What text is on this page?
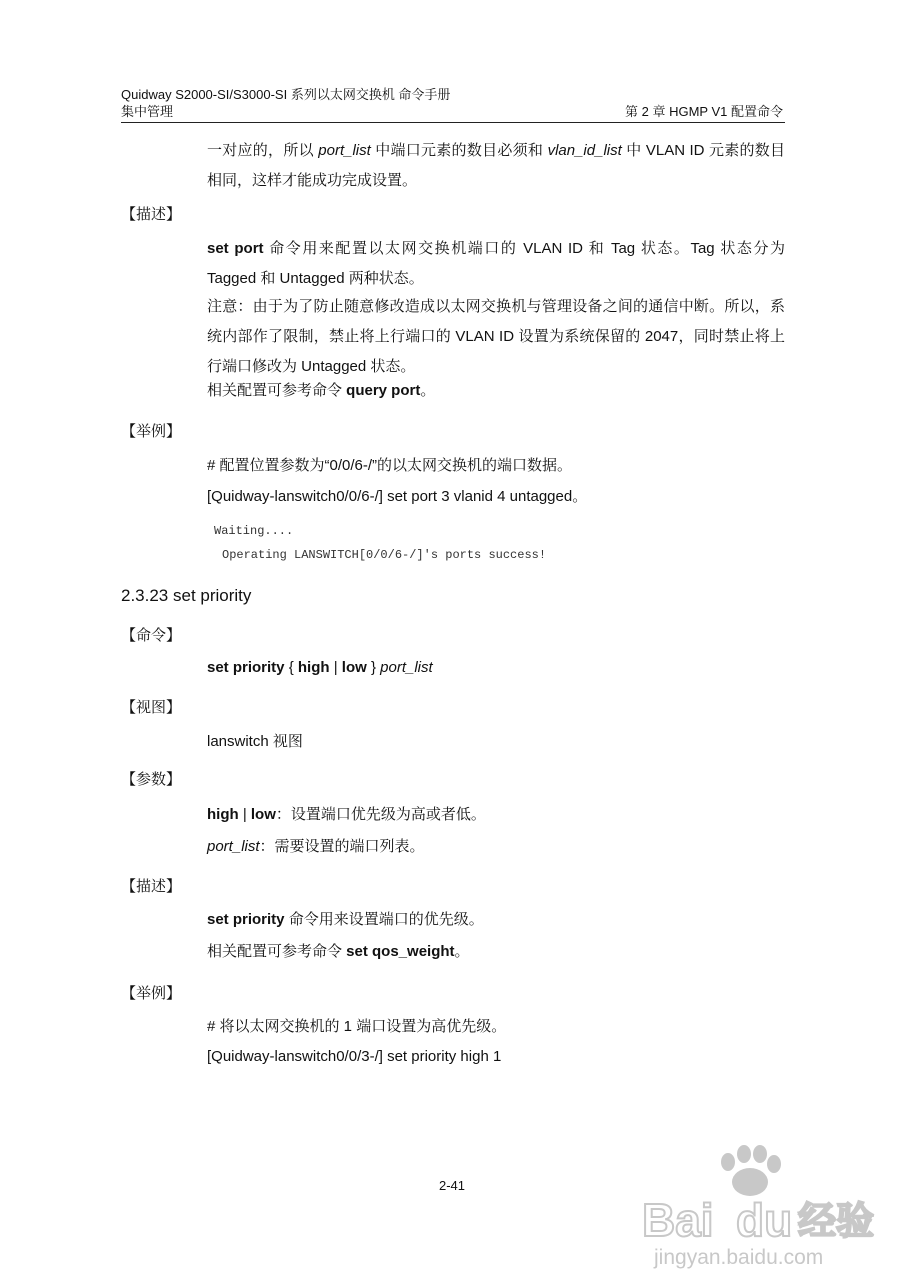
Quidway S2000-SI/S3000-SI 系列以太网交换机 命令手册
集中管理	第 2 章 HGMP V1 配置命令
一对应的，所以 port_list 中端口元素的数目必须和 vlan_id_list 中 VLAN ID 元素的数目相同，这样才能成功完成设置。
【描述】
set port 命令用来配置以太网交换机端口的 VLAN ID 和 Tag 状态。Tag 状态分为 Tagged 和 Untagged 两种状态。
注意：由于为了防止随意修改造成以太网交换机与管理设备之间的通信中断。所以，系统内部作了限制，禁止将上行端口的 VLAN ID 设置为系统保留的 2047，同时禁止将上行端口修改为 Untagged 状态。
相关配置可参考命令 query port。
【举例】
# 配置位置参数为“0/0/6-/”的以太网交换机的端口数据。
[Quidway-lanswitch0/0/6-/] set port 3 vlanid 4 untagged。
Waiting....
Operating LANSWITCH[0/0/6-/]'s ports success!
2.3.23 set priority
【命令】
set priority { high | low } port_list
【视图】
lanswitch 视图
【参数】
high | low：设置端口优先级为高或者低。
port_list：需要设置的端口列表。
【描述】
set priority 命令用来设置端口的优先级。
相关配置可参考命令 set qos_weight。
【举例】
# 将以太网交换机的 1 端口设置为高优先级。
[Quidway-lanswitch0/0/3-/] set priority high 1
2-41
Bai du 经验
jingyan.baidu.com
